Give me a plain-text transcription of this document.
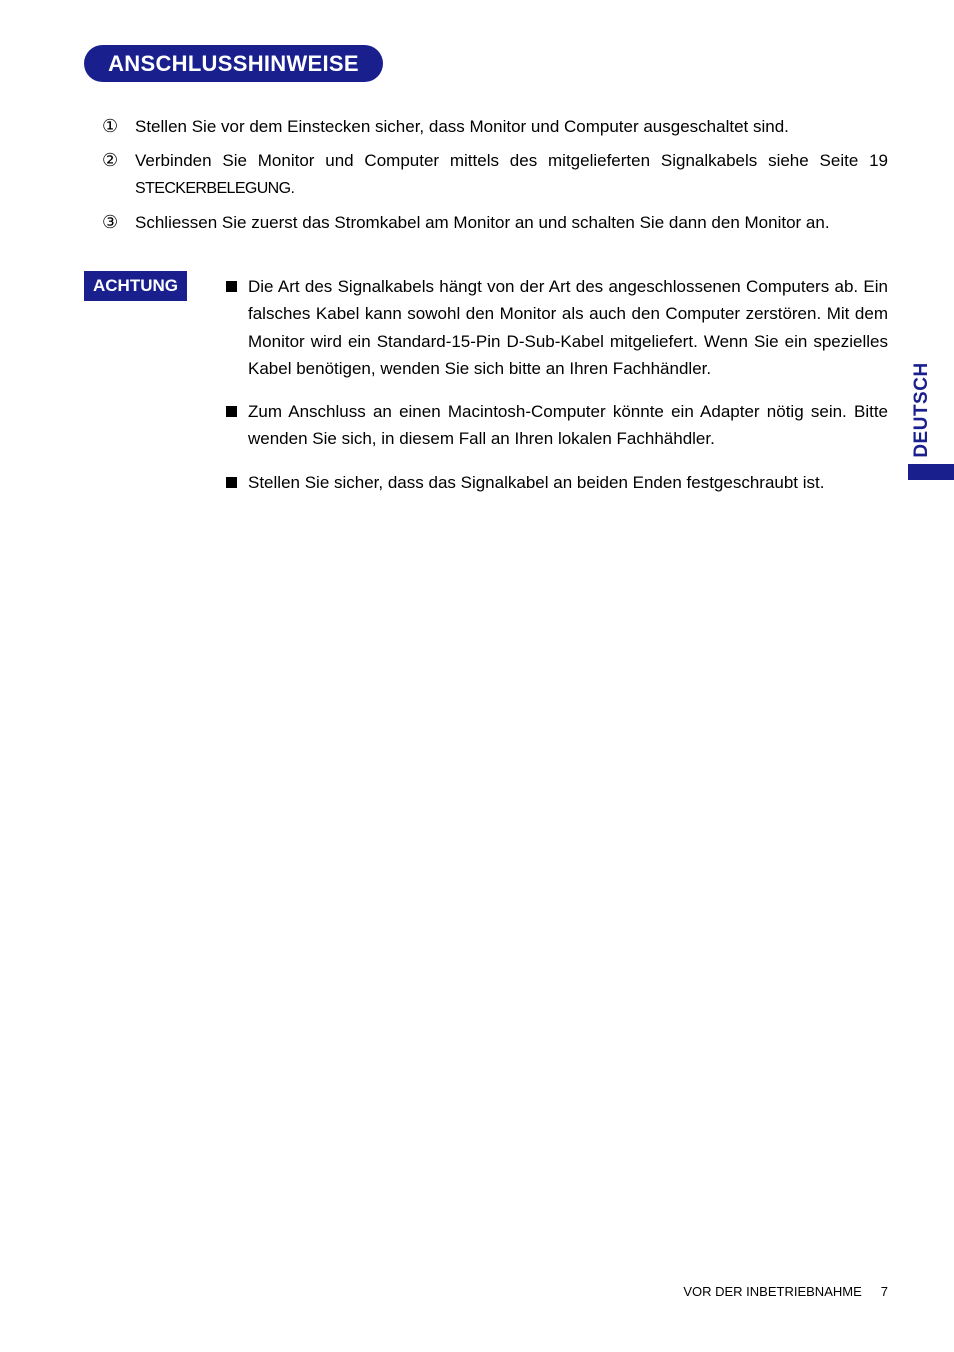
ANSCHLUSSHINWEISE
① Stellen Sie vor dem Einstecken sicher, dass Monitor und Computer ausgeschaltet sind.
② Verbinden Sie Monitor und Computer mittels des mitgelieferten Signalkabels siehe Seite 19 STECKERBELEGUNG.
③ Schliessen Sie zuerst das Stromkabel am Monitor an und schalten Sie dann den Monitor an.
ACHTUNG	Die Art des Signalkabels hängt von der Art des angeschlossenen Computers ab. Ein falsches Kabel kann sowohl den Monitor als auch den Computer zerstören. Mit dem Monitor wird ein Standard-15-Pin D-Sub-Kabel mitgeliefert. Wenn Sie ein spezielles Kabel benötigen, wenden Sie sich bitte an Ihren Fachhändler.
Zum Anschluss an einen Macintosh-Computer könnte ein Adapter nötig sein. Bitte wenden Sie sich, in diesem Fall an Ihren lokalen Fachhähdler.
Stellen Sie sicher, dass das Signalkabel an beiden Enden festgeschraubt ist.
DEUTSCH
VOR DER INBETRIEBNAHME 7
